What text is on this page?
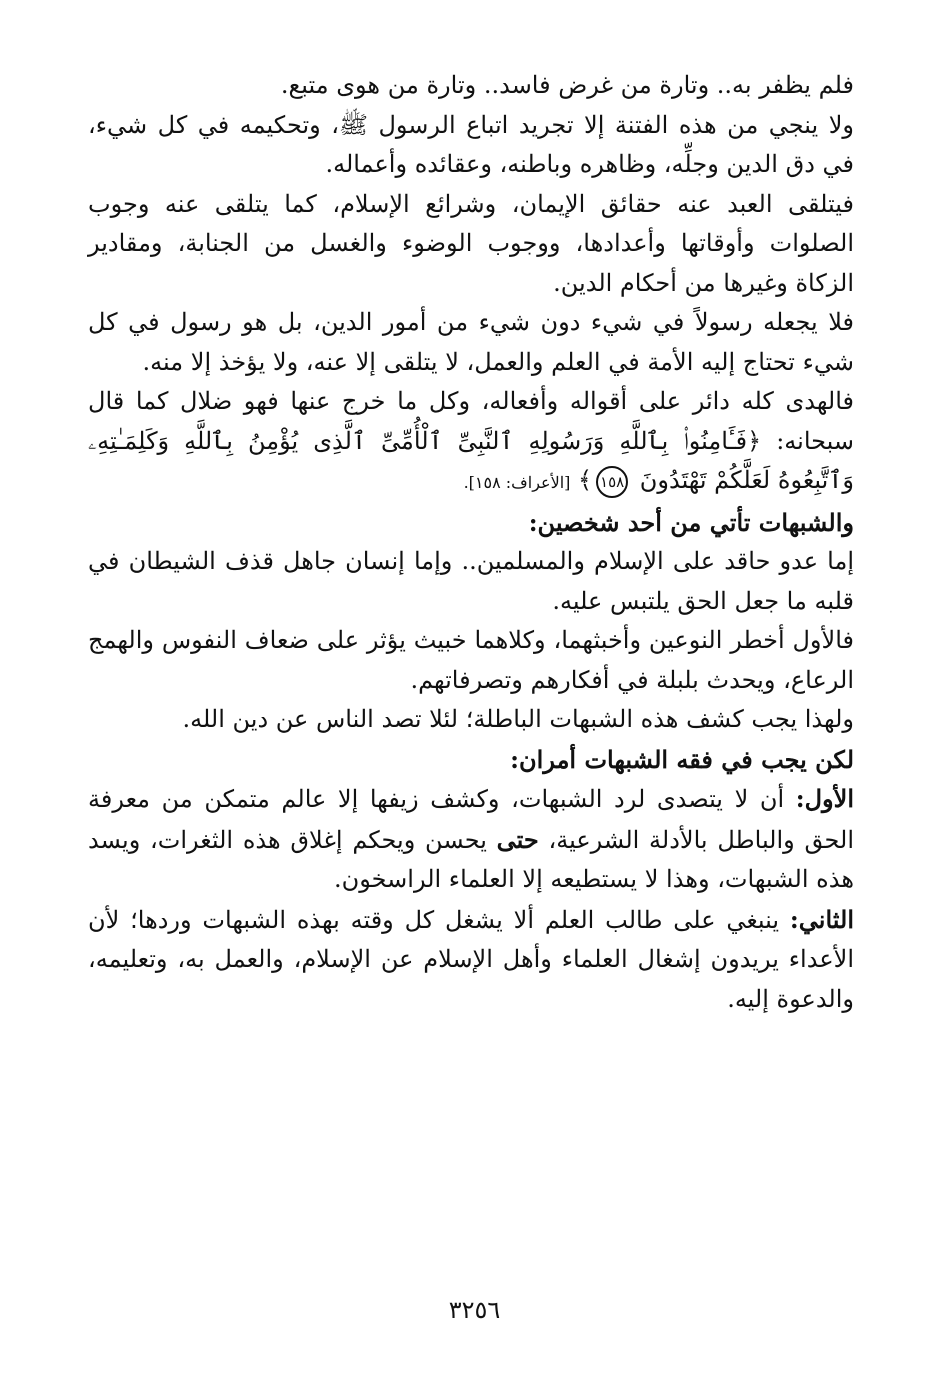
فلم يظفر به.. وتارة من غرض فاسد.. وتارة من هوى متبع.

ولا ينجي من هذه الفتنة إلا تجريد اتباع الرسول ﷺ، وتحكيمه في كل شيء، في دق الدين وجلِّه، وظاهره وباطنه، وعقائده وأعماله.

فيتلقى العبد عنه حقائق الإيمان، وشرائع الإسلام، كما يتلقى عنه وجوب الصلوات وأوقاتها وأعدادها، ووجوب الوضوء والغسل من الجنابة، ومقادير الزكاة وغيرها من أحكام الدين.

فلا يجعله رسولاً في شيء دون شيء من أمور الدين، بل هو رسول في كل شيء تحتاج إليه الأمة في العلم والعمل، لا يتلقى إلا عنه، ولا يؤخذ إلا منه.

فالهدى كله دائر على أقواله وأفعاله، وكل ما خرج عنها فهو ضلال كما قال سبحانه: ﴿فَـَٔامِنُوا۟ بِٱللَّهِ وَرَسُولِهِ ٱلنَّبِىِّ ٱلْأُمِّىِّ ٱلَّذِى يُؤْمِنُ بِٱللَّهِ وَكَلِمَـٰتِهِۦ وَٱتَّبِعُوهُ لَعَلَّكُمْ تَهْتَدُونَ ١٥٨﴾ [الأعراف: ١٥٨].

والشبهات تأتي من أحد شخصين:

إما عدو حاقد على الإسلام والمسلمين.. وإما إنسان جاهل قذف الشيطان في قلبه ما جعل الحق يلتبس عليه.

فالأول أخطر النوعين وأخبثهما، وكلاهما خبيث يؤثر على ضعاف النفوس والهمج الرعاع، ويحدث بلبلة في أفكارهم وتصرفاتهم.

ولهذا يجب كشف هذه الشبهات الباطلة؛ لئلا تصد الناس عن دين الله.

لكن يجب في فقه الشبهات أمران:

الأول: أن لا يتصدى لرد الشبهات، وكشف زيفها إلا عالم متمكن من معرفة الحق والباطل بالأدلة الشرعية، حتى يحسن ويحكم إغلاق هذه الثغرات، ويسد هذه الشبهات، وهذا لا يستطيعه إلا العلماء الراسخون.

الثاني: ينبغي على طالب العلم ألا يشغل كل وقته بهذه الشبهات وردها؛ لأن الأعداء يريدون إشغال العلماء وأهل الإسلام عن الإسلام، والعمل به، وتعليمه، والدعوة إليه.

٣٢٥٦
